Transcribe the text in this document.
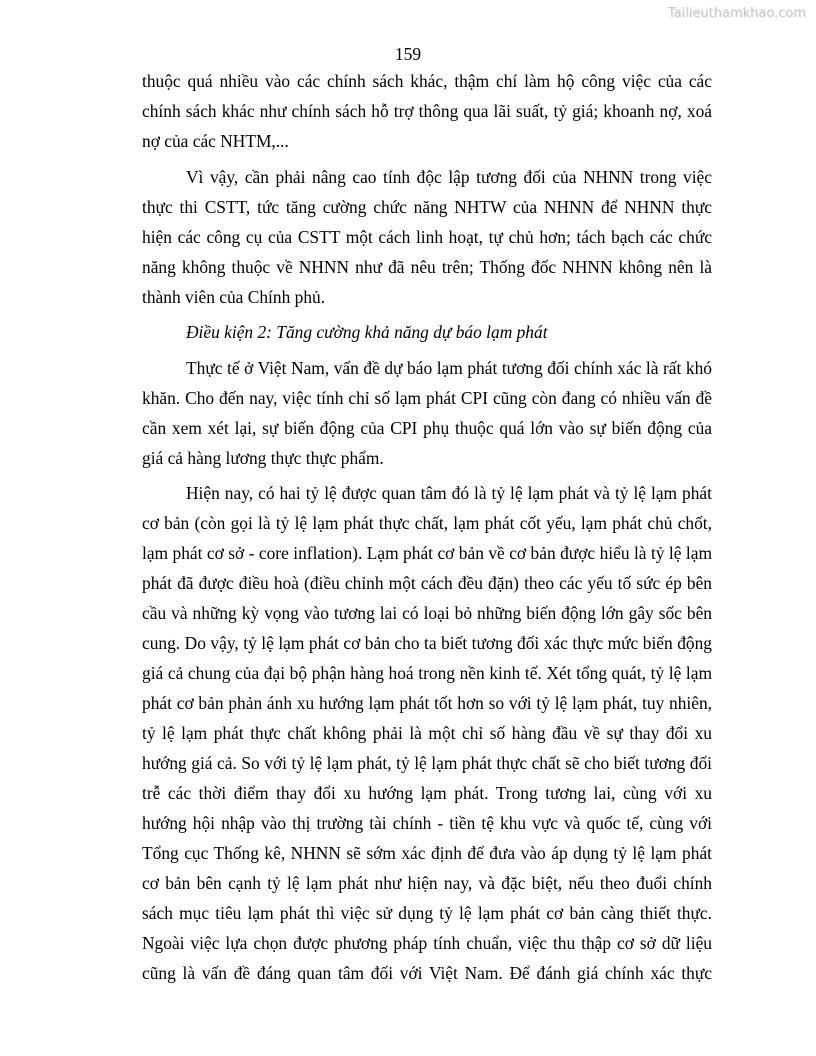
Tailieuthamkhao.com
159

thuộc quá nhiều vào các chính sách khác, thậm chí làm hộ công việc của các chính sách khác như chính sách hỗ trợ thông qua lãi suất, tỷ giá; khoanh nợ, xoá nợ của các NHTM,...

Vì vậy, cần phải nâng cao tính độc lập tương đối của NHNN trong việc thực thi CSTT, tức tăng cường chức năng NHTW của NHNN để NHNN thực hiện các công cụ của CSTT một cách linh hoạt, tự chủ hơn; tách bạch các chức năng không thuộc về NHNN như đã nêu trên; Thống đốc NHNN không nên là thành viên của Chính phủ.

Điều kiện 2: Tăng cường khả năng dự báo lạm phát

Thực tế ở Việt Nam, vấn đề dự báo lạm phát tương đối chính xác là rất khó khăn. Cho đến nay, việc tính chỉ số lạm phát CPI cũng còn đang có nhiều vấn đề cần xem xét lại, sự biến động của CPI phụ thuộc quá lớn vào sự biến động của giá cả hàng lương thực thực phẩm.

Hiện nay, có hai tỷ lệ được quan tâm đó là tỷ lệ lạm phát và tỷ lệ lạm phát cơ bản (còn gọi là tỷ lệ lạm phát thực chất, lạm phát cốt yếu, lạm phát chủ chốt, lạm phát cơ sở - core inflation). Lạm phát cơ bản về cơ bản được hiểu là tỷ lệ lạm phát đã được điều hoà (điều chỉnh một cách đều đặn) theo các yếu tố sức ép bên cầu và những kỳ vọng vào tương lai có loại bỏ những biến động lớn gây sốc bên cung. Do vậy, tỷ lệ lạm phát cơ bản cho ta biết tương đối xác thực mức biến động giá cả chung của đại bộ phận hàng hoá trong nền kinh tế. Xét tổng quát, tỷ lệ lạm phát cơ bản phản ánh xu hướng lạm phát tốt hơn so với tỷ lệ lạm phát, tuy nhiên, tỷ lệ lạm phát thực chất không phải là một chỉ số hàng đầu về sự thay đổi xu hướng giá cả. So với tỷ lệ lạm phát, tỷ lệ lạm phát thực chất sẽ cho biết tương đối trễ các thời điểm thay đổi xu hướng lạm phát. Trong tương lai, cùng với xu hướng hội nhập vào thị trường tài chính - tiền tệ khu vực và quốc tế, cùng với Tổng cục Thống kê, NHNN sẽ sớm xác định để đưa vào áp dụng tỷ lệ lạm phát cơ bản bên cạnh tỷ lệ lạm phát như hiện nay, và đặc biệt, nếu theo đuổi chính sách mục tiêu lạm phát thì việc sử dụng tỷ lệ lạm phát cơ bản càng thiết thực. Ngoài việc lựa chọn được phương pháp tính chuẩn, việc thu thập cơ sở dữ liệu cũng là vấn đề đáng quan tâm đối với Việt Nam. Để đánh giá chính xác thực
